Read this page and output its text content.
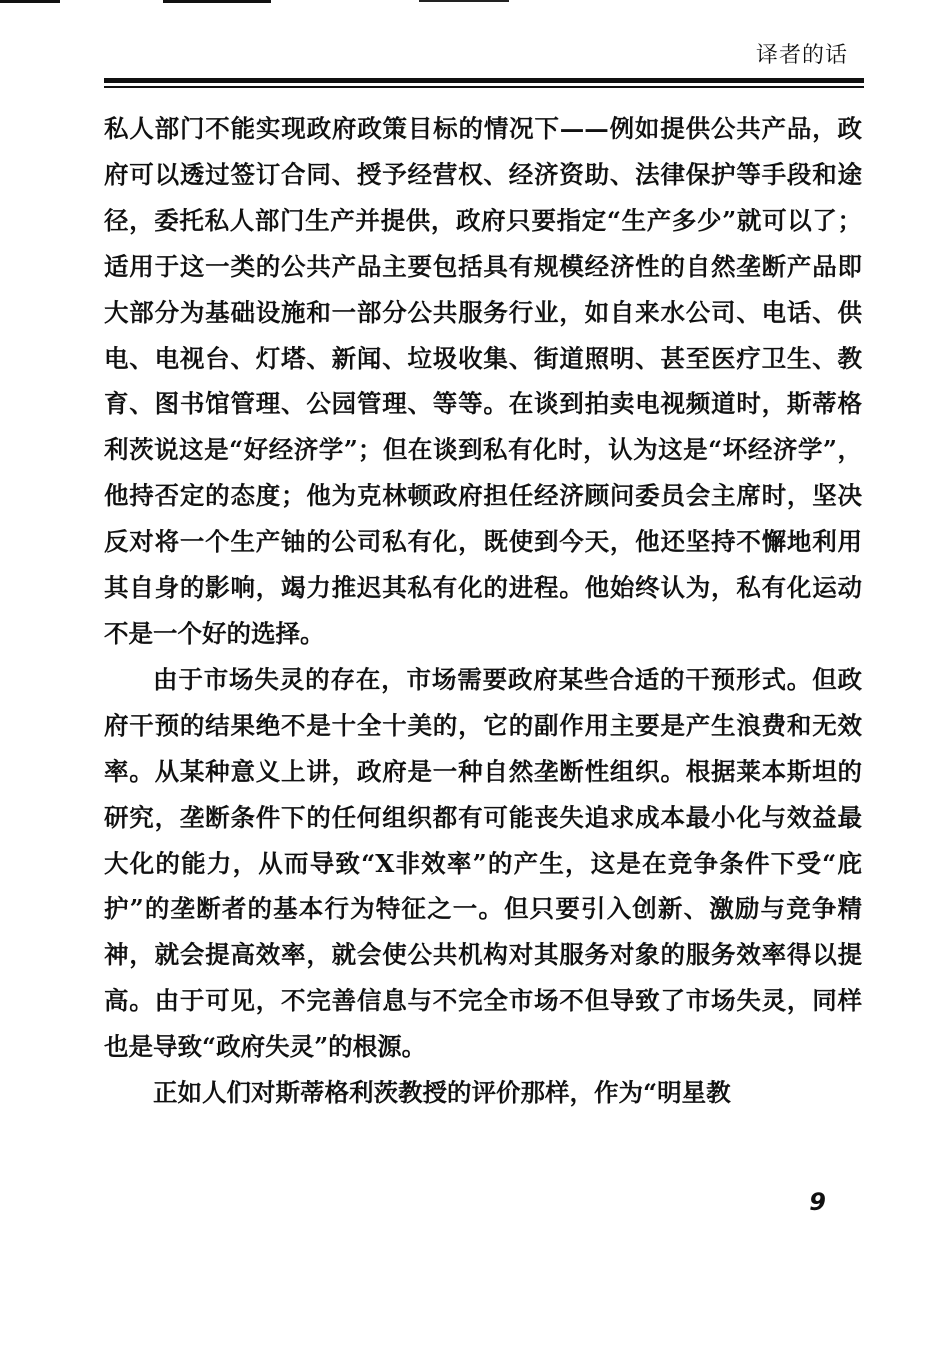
译者的话

私人部门不能实现政府政策目标的情况下——例如提供公共产品，政府可以透过签订合同、授予经营权、经济资助、法律保护等手段和途径，委托私人部门生产并提供，政府只要指定“生产多少”就可以了；适用于这一类的公共产品主要包括具有规模经济性的自然垄断产品即大部分为基础设施和一部分公共服务行业，如自来水公司、电话、供电、电视台、灯塔、新闻、垃圾收集、街道照明、甚至医疗卫生、教育、图书馆管理、公园管理、等等。在谈到拍卖电视频道时，斯蒂格利茨说这是“好经济学”；但在谈到私有化时，认为这是“坏经济学”，他持否定的态度；他为克林顿政府担任经济顾问委员会主席时，坚决反对将一个生产铀的公司私有化，既使到今天，他还坚持不懈地利用其自身的影响，竭力推迟其私有化的进程。他始终认为，私有化运动不是一个好的选择。

由于市场失灵的存在，市场需要政府某些合适的干预形式。但政府干预的结果绝不是十全十美的，它的副作用主要是产生浪费和无效率。从某种意义上讲，政府是一种自然垄断性组织。根据莱本斯坦的研究，垄断条件下的任何组织都有可能丧失追求成本最小化与效益最大化的能力，从而导致“X非效率”的产生，这是在竞争条件下受“庇护”的垄断者的基本行为特征之一。但只要引入创新、激励与竞争精神，就会提高效率，就会使公共机构对其服务对象的服务效率得以提高。由于可见，不完善信息与不完全市场不但导致了市场失灵，同样也是导致“政府失灵”的根源。

正如人们对斯蒂格利茨教授的评价那样，作为“明星教

9
